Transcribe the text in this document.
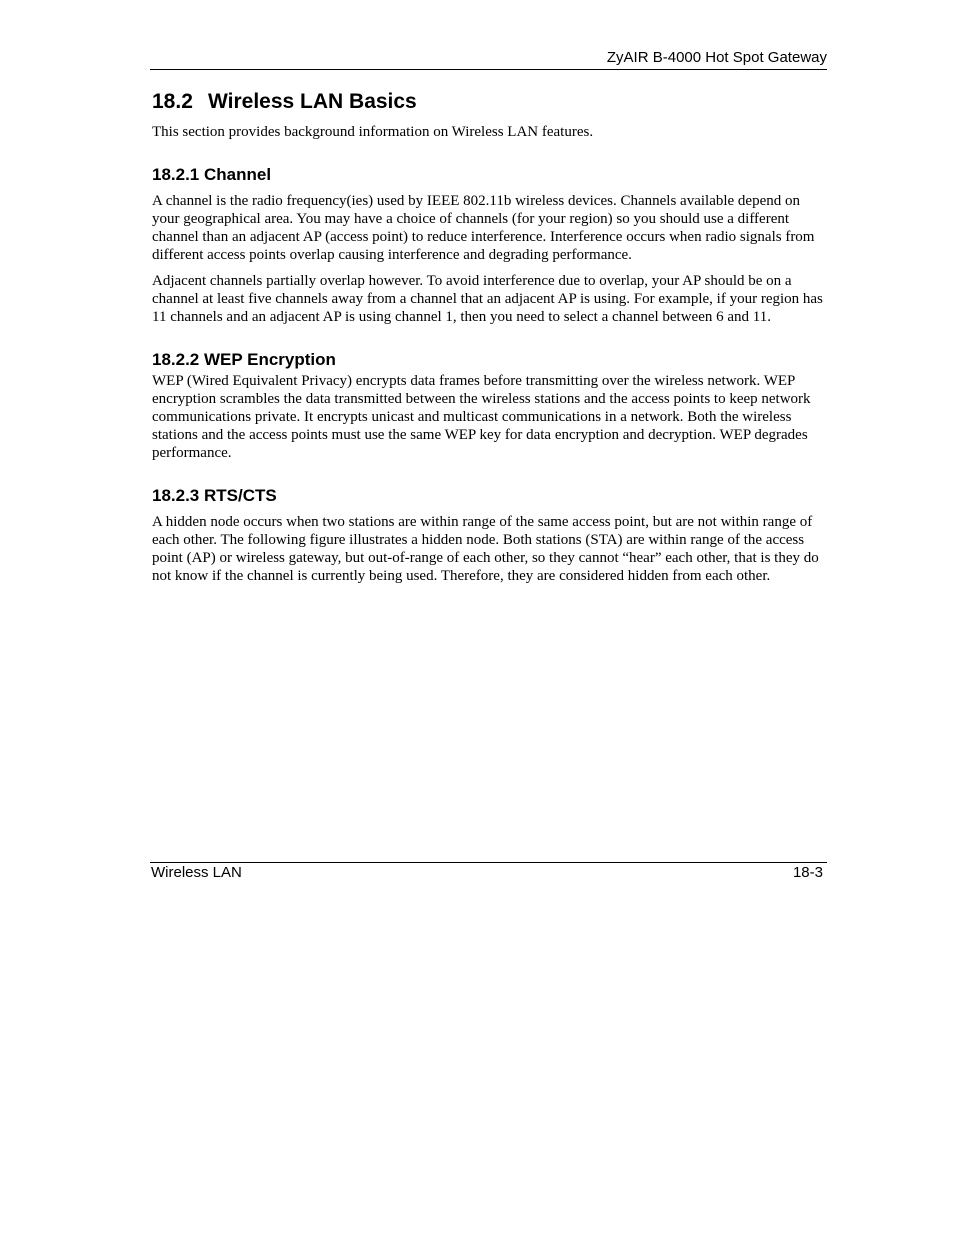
ZyAIR B-4000 Hot Spot Gateway
18.2 Wireless LAN Basics

This section provides background information on Wireless LAN features.

18.2.1 Channel

A channel is the radio frequency(ies) used by IEEE 802.11b wireless devices. Channels available depend on your geographical area. You may have a choice of channels (for your region) so you should use a different channel than an adjacent AP (access point) to reduce interference. Interference occurs when radio signals from different access points overlap causing interference and degrading performance.

Adjacent channels partially overlap however. To avoid interference due to overlap, your AP should be on a channel at least five channels away from a channel that an adjacent AP is using. For example, if your region has 11 channels and an adjacent AP is using channel 1, then you need to select a channel between 6 and 11.

18.2.2 WEP Encryption

WEP (Wired Equivalent Privacy) encrypts data frames before transmitting over the wireless network. WEP encryption scrambles the data transmitted between the wireless stations and the access points to keep network communications private. It encrypts unicast and multicast communications in a network. Both the wireless stations and the access points must use the same WEP key for data encryption and decryption. WEP degrades performance.

18.2.3 RTS/CTS

A hidden node occurs when two stations are within range of the same access point, but are not within range of each other. The following figure illustrates a hidden node. Both stations (STA) are within range of the access point (AP) or wireless gateway, but out-of-range of each other, so they cannot “hear” each other, that is they do not know if the channel is currently being used. Therefore, they are considered hidden from each other.

Wireless LAN	18-3
